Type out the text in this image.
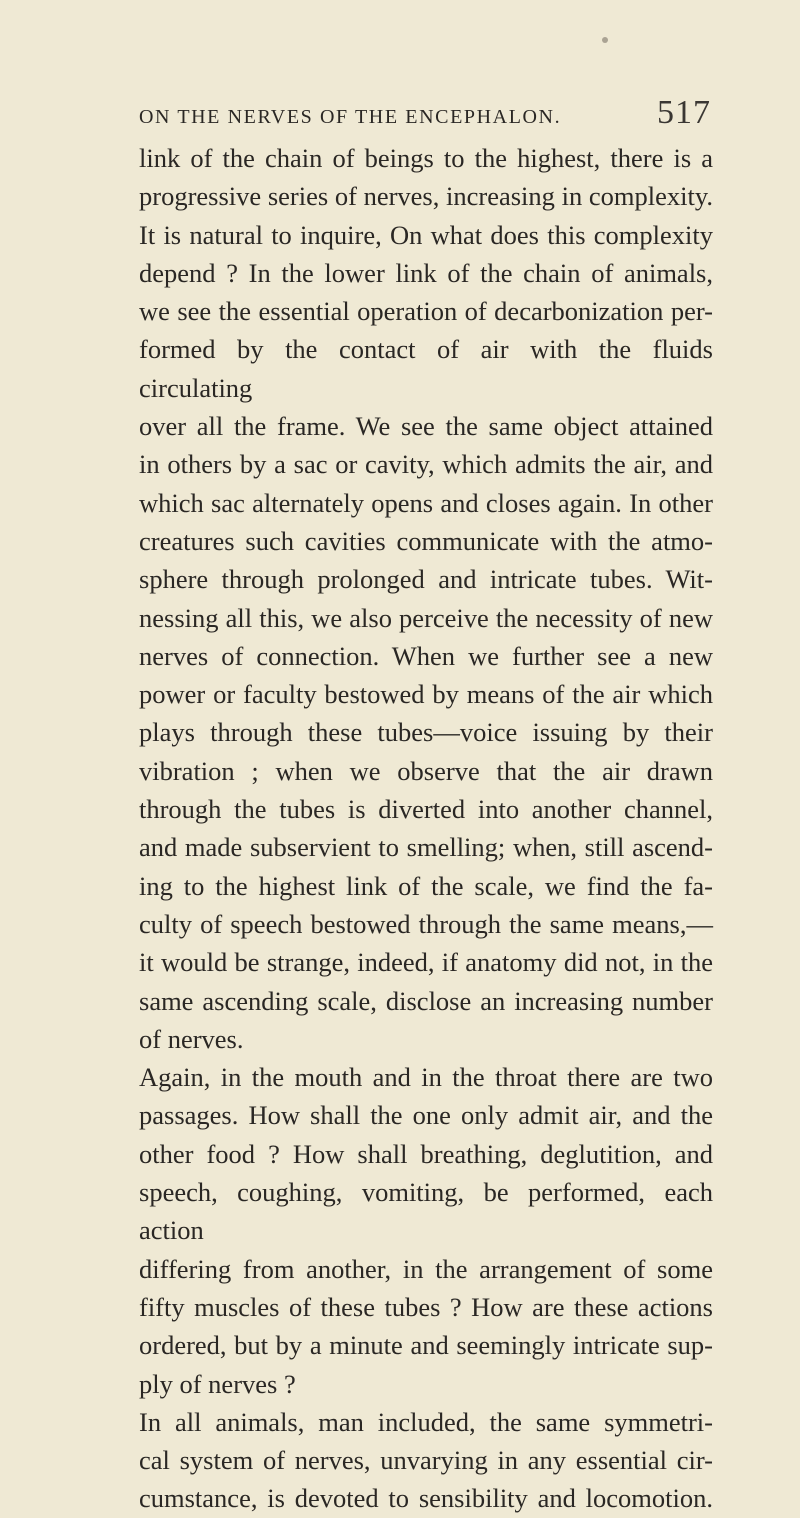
ON THE NERVES OF THE ENCEPHALON.	517

link of the chain of beings to the highest, there is a

progressive series of nerves, increasing in complexity.

It is natural to inquire, On what does this complexity

depend ? In the lower link of the chain of animals,

we see the essential operation of decarbonization per-

formed by the contact of air with the fluids circulating

over all the frame. We see the same object attained

in others by a sac or cavity, which admits the air, and

which sac alternately opens and closes again. In other

creatures such cavities communicate with the atmo-

sphere through prolonged and intricate tubes. Wit-

nessing all this, we also perceive the necessity of new

nerves of connection. When we further see a new

power or faculty bestowed by means of the air which

plays through these tubes—voice issuing by their

vibration ; when we observe that the air drawn

through the tubes is diverted into another channel,

and made subservient to smelling; when, still ascend-

ing to the highest link of the scale, we find the fa-

culty of speech bestowed through the same means,—

it would be strange, indeed, if anatomy did not, in the

same ascending scale, disclose an increasing number

of nerves.

Again, in the mouth and in the throat there are two

passages. How shall the one only admit air, and the

other food ? How shall breathing, deglutition, and

speech, coughing, vomiting, be performed, each action

differing from another, in the arrangement of some

fifty muscles of these tubes ? How are these actions

ordered, but by a minute and seemingly intricate sup-

ply of nerves ?

In all animals, man included, the same symmetri-

cal system of nerves, unvarying in any essential cir-

cumstance, is devoted to sensibility and locomotion.
